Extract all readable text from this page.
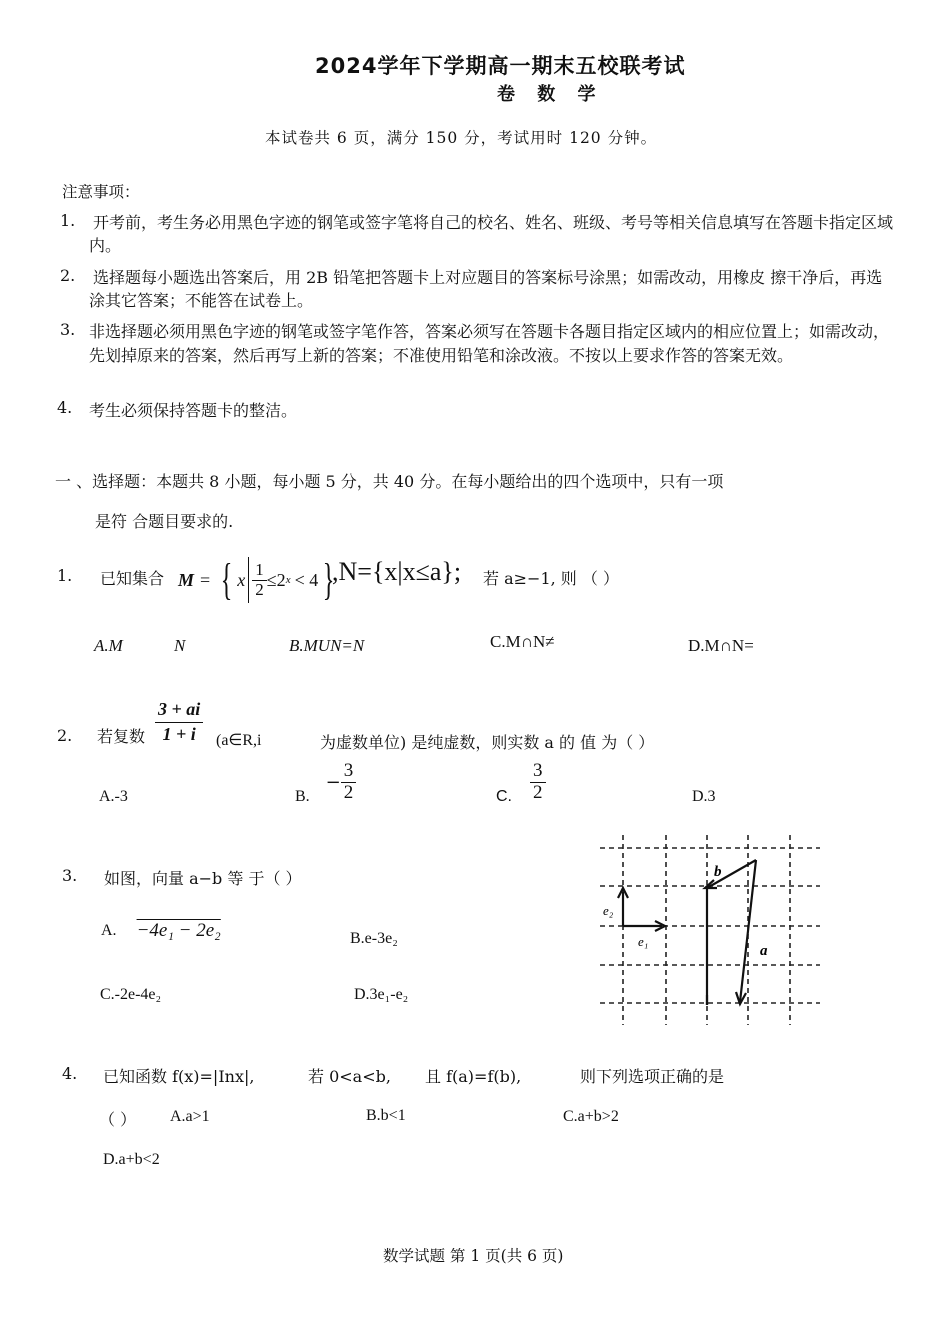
2024学年下学期高一期末五校联考试
卷 数 学
本试卷共 6 页，满分 150 分，考试用时 120 分钟。
注意事项：
1. 开考前，考生务必用黑色字迹的钢笔或签字笔将自己的校名、姓名、班级、考号等相关信息填写在答题卡指定区域内。
2. 选择题每小题选出答案后，用 2B 铅笔把答题卡上对应题目的答案标号涂黑；如需改动，用橡皮 擦干净后，再选涂其它答案；不能答在试卷上。
3. 非选择题必须用黑色字迹的钢笔或签字笔作答，答案必须写在答题卡各题目指定区域内的相应位置上；如需改动，先划掉原来的答案，然后再写上新的答案；不准使用铅笔和涂改液。不按以上要求作答的答案无效。
4. 考生必须保持答题卡的整洁。
一 、选择题：本题共 8 小题，每小题 5 分，共 40 分。在每小题给出的四个选项中，只有一项
是符 合题目要求的.
1. 已知集合 M = { x $\frac{1}{2} \le 2$ x < 4 }
,N={x|x≤a}; 若 a≥−1, 则 （ ）
A.M	N	B.MUN=N	C.M∩N≠	D.M∩N=
2. 若复数 $\frac{3 + ai}{1 + i}$ (a∈R,i	为虚数单位) 是纯虚数，则实数 a 的 值 为（ ）
A.-3	B.
− $\frac{3}{2}$	C. $\frac{3}{2}$	D.3
3. 如图，向量 a−b 等 于（ ）
A. −4e₁ − 2e₂	B.e-3e₂
C.-2e-4e₂	D.3e₁-e₂
b
e₂
e₁
a
4. 已知函数 f(x)=|Inx|,	若 0<a<b, 且 f(a)=f(b),	则下列选项正确的是
（ ） A.a>1	B.b<1	C.a+b>2
D.a+b<2
数学试题 第 1 页(共 6 页)
